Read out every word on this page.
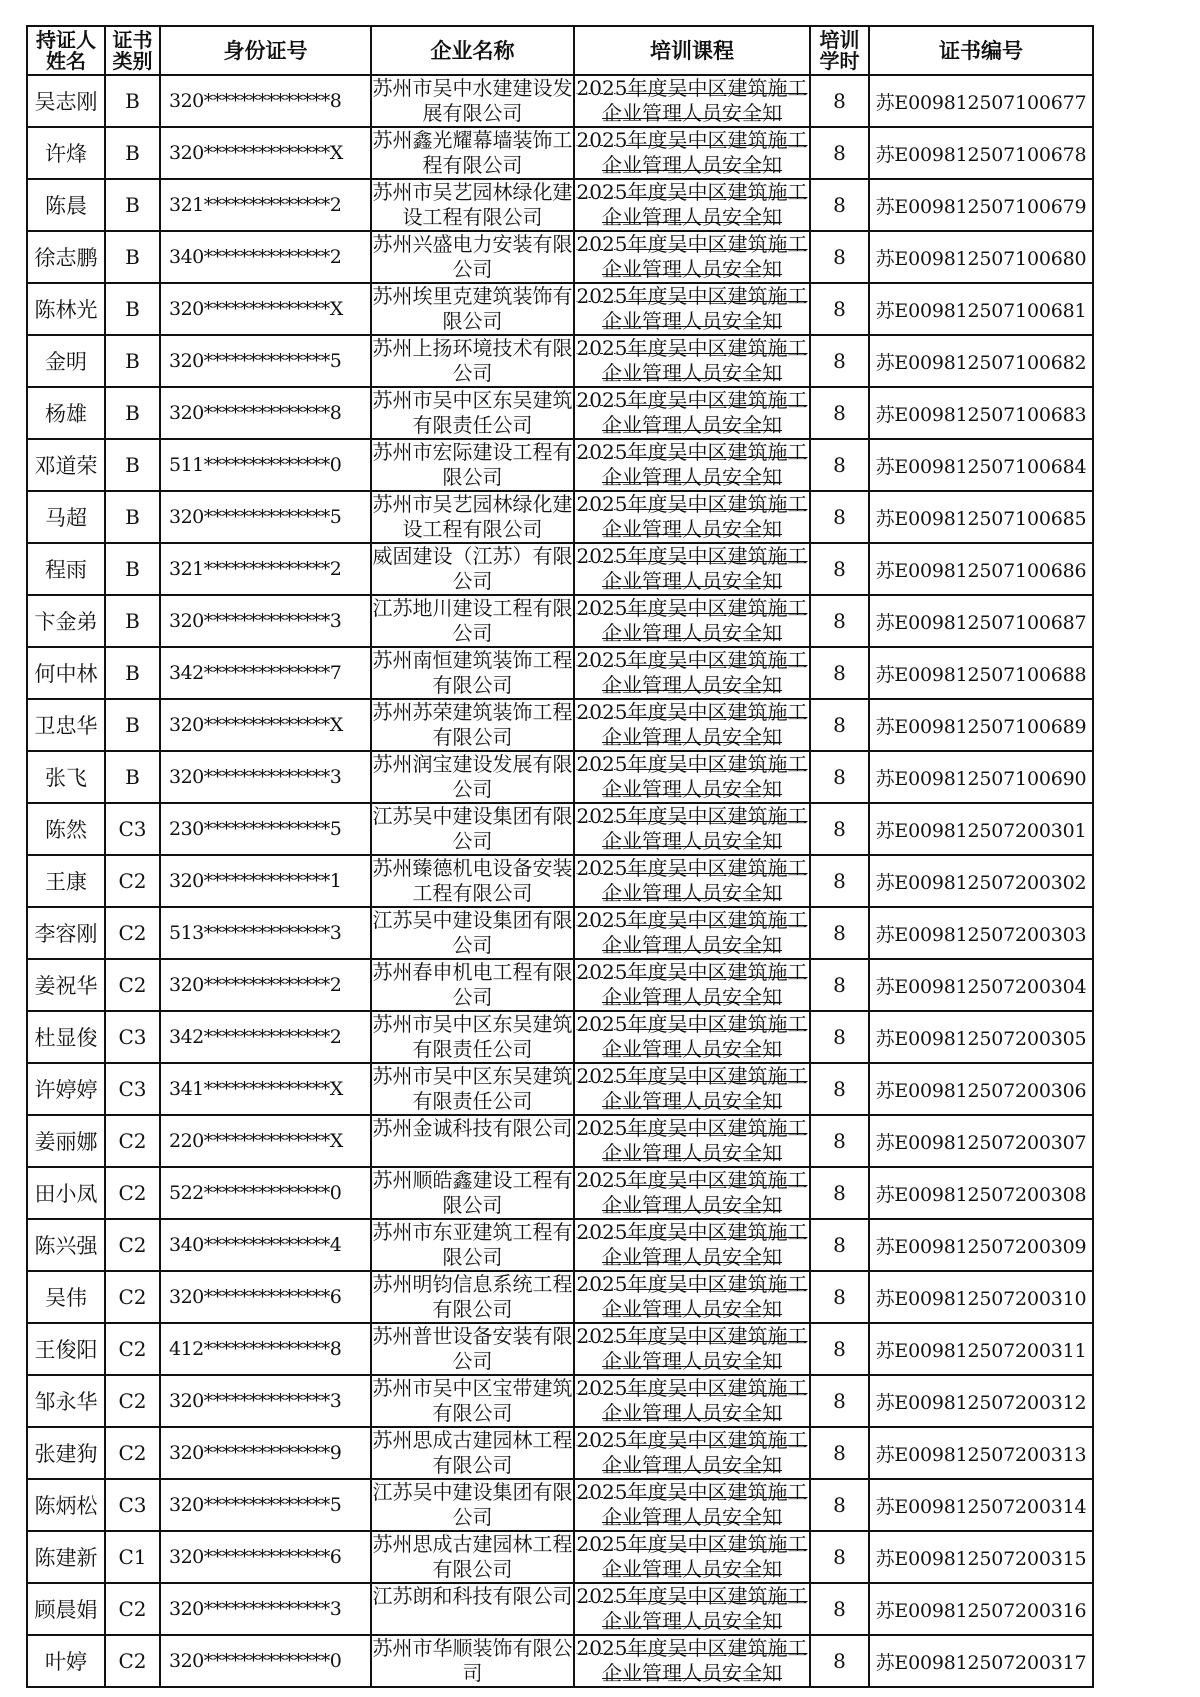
持证人姓名	证书类别	身份证号	企业名称	培训课程	培训学时	证书编号
吴志刚	B	320**************8	苏州市吴中水建建设发展有限公司	2025年度吴中区建筑施工企业管理人员安全知	8	苏E009812507100677
许烽	B	320**************X	苏州鑫光耀幕墙装饰工程有限公司	2025年度吴中区建筑施工企业管理人员安全知	8	苏E009812507100678
陈晨	B	321**************2	苏州市吴艺园林绿化建设工程有限公司	2025年度吴中区建筑施工企业管理人员安全知	8	苏E009812507100679
徐志鹏	B	340**************2	苏州兴盛电力安装有限公司	2025年度吴中区建筑施工企业管理人员安全知	8	苏E009812507100680
陈林光	B	320**************X	苏州埃里克建筑装饰有限公司	2025年度吴中区建筑施工企业管理人员安全知	8	苏E009812507100681
金明	B	320**************5	苏州上扬环境技术有限公司	2025年度吴中区建筑施工企业管理人员安全知	8	苏E009812507100682
杨雄	B	320**************8	苏州市吴中区东吴建筑有限责任公司	2025年度吴中区建筑施工企业管理人员安全知	8	苏E009812507100683
邓道荣	B	511**************0	苏州市宏际建设工程有限公司	2025年度吴中区建筑施工企业管理人员安全知	8	苏E009812507100684
马超	B	320**************5	苏州市吴艺园林绿化建设工程有限公司	2025年度吴中区建筑施工企业管理人员安全知	8	苏E009812507100685
程雨	B	321**************2	威固建设（江苏）有限公司	2025年度吴中区建筑施工企业管理人员安全知	8	苏E009812507100686
卞金弟	B	320**************3	江苏地川建设工程有限公司	2025年度吴中区建筑施工企业管理人员安全知	8	苏E009812507100687
何中林	B	342**************7	苏州南恒建筑装饰工程有限公司	2025年度吴中区建筑施工企业管理人员安全知	8	苏E009812507100688
卫忠华	B	320**************X	苏州苏荣建筑装饰工程有限公司	2025年度吴中区建筑施工企业管理人员安全知	8	苏E009812507100689
张飞	B	320**************3	苏州润宝建设发展有限公司	2025年度吴中区建筑施工企业管理人员安全知	8	苏E009812507100690
陈然	C3	230**************5	江苏吴中建设集团有限公司	2025年度吴中区建筑施工企业管理人员安全知	8	苏E009812507200301
王康	C2	320**************1	苏州臻德机电设备安装工程有限公司	2025年度吴中区建筑施工企业管理人员安全知	8	苏E009812507200302
李容刚	C2	513**************3	江苏吴中建设集团有限公司	2025年度吴中区建筑施工企业管理人员安全知	8	苏E009812507200303
姜祝华	C2	320**************2	苏州春申机电工程有限公司	2025年度吴中区建筑施工企业管理人员安全知	8	苏E009812507200304
杜显俊	C3	342**************2	苏州市吴中区东吴建筑有限责任公司	2025年度吴中区建筑施工企业管理人员安全知	8	苏E009812507200305
许婷婷	C3	341**************X	苏州市吴中区东吴建筑有限责任公司	2025年度吴中区建筑施工企业管理人员安全知	8	苏E009812507200306
姜丽娜	C2	220**************X	苏州金诚科技有限公司	2025年度吴中区建筑施工企业管理人员安全知	8	苏E009812507200307
田小凤	C2	522**************0	苏州顺皓鑫建设工程有限公司	2025年度吴中区建筑施工企业管理人员安全知	8	苏E009812507200308
陈兴强	C2	340**************4	苏州市东亚建筑工程有限公司	2025年度吴中区建筑施工企业管理人员安全知	8	苏E009812507200309
吴伟	C2	320**************6	苏州明钧信息系统工程有限公司	2025年度吴中区建筑施工企业管理人员安全知	8	苏E009812507200310
王俊阳	C2	412**************8	苏州普世设备安装有限公司	2025年度吴中区建筑施工企业管理人员安全知	8	苏E009812507200311
邹永华	C2	320**************3	苏州市吴中区宝带建筑有限公司	2025年度吴中区建筑施工企业管理人员安全知	8	苏E009812507200312
张建狗	C2	320**************9	苏州思成古建园林工程有限公司	2025年度吴中区建筑施工企业管理人员安全知	8	苏E009812507200313
陈炳松	C3	320**************5	江苏吴中建设集团有限公司	2025年度吴中区建筑施工企业管理人员安全知	8	苏E009812507200314
陈建新	C1	320**************6	苏州思成古建园林工程有限公司	2025年度吴中区建筑施工企业管理人员安全知	8	苏E009812507200315
顾晨娟	C2	320**************3	江苏朗和科技有限公司	2025年度吴中区建筑施工企业管理人员安全知	8	苏E009812507200316
叶婷	C2	320**************0	苏州市华顺装饰有限公司	2025年度吴中区建筑施工企业管理人员安全知	8	苏E009812507200317
